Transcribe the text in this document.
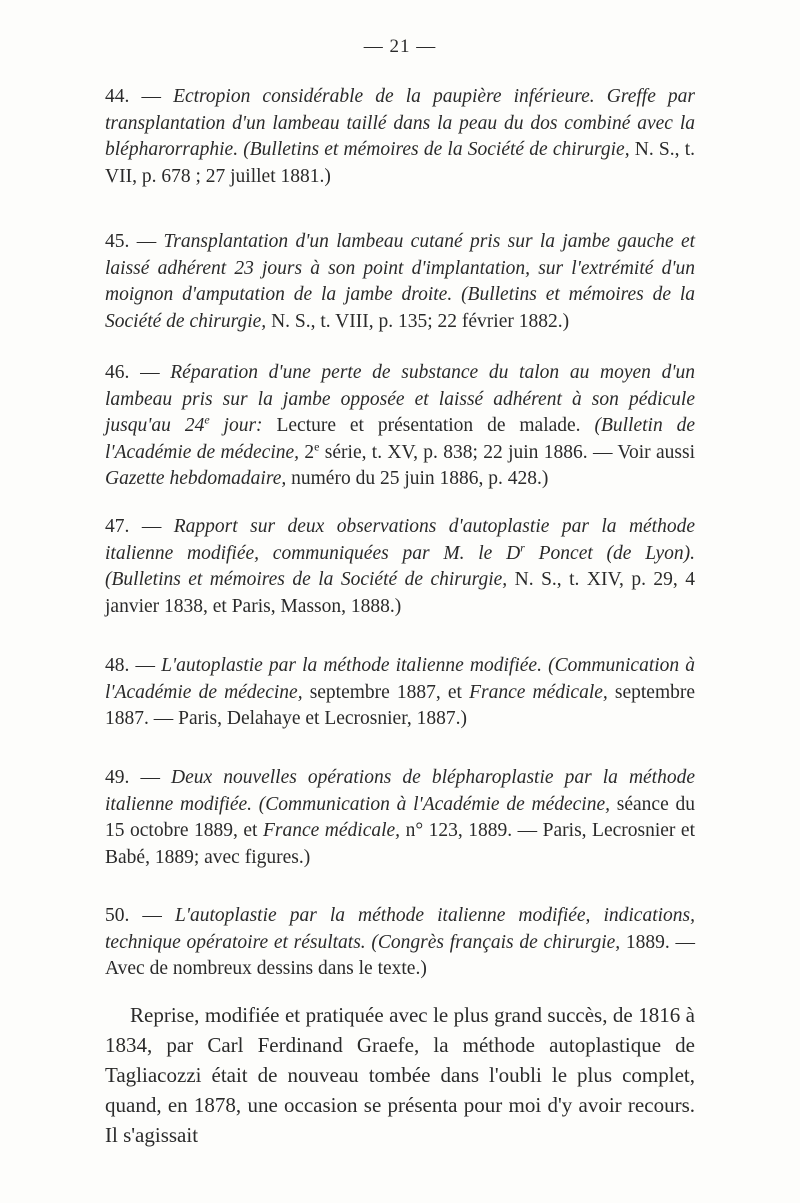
— 21 —
44. — Ectropion considérable de la paupière inférieure. Greffe par transplantation d'un lambeau taillé dans la peau du dos combiné avec la blépharorraphie. (Bulletins et mémoires de la Société de chirurgie, N. S., t. VII, p. 678 ; 27 juillet 1881.)
45. — Transplantation d'un lambeau cutané pris sur la jambe gauche et laissé adhérent 23 jours à son point d'implantation, sur l'extrémité d'un moignon d'amputation de la jambe droite. (Bulletins et mémoires de la Société de chirurgie, N. S., t. VIII, p. 135; 22 février 1882.)
46. — Réparation d'une perte de substance du talon au moyen d'un lambeau pris sur la jambe opposée et laissé adhérent à son pédicule jusqu'au 24e jour: Lecture et présentation de malade. (Bulletin de l'Académie de médecine, 2e série, t. XV, p. 838; 22 juin 1886. — Voir aussi Gazette hebdomadaire, numéro du 25 juin 1886, p. 428.)
47. — Rapport sur deux observations d'autoplastie par la méthode italienne modifiée, communiquées par M. le $D^r$ Poncet (de Lyon). (Bulletins et mémoires de la Société de chirurgie, N. S., t. XIV, p. 29, 4 janvier 1838, et Paris, Masson, 1888.)
48. — L'autoplastie par la méthode italienne modifiée. (Communication à l'Académie de médecine, septembre 1887, et France médicale, septembre 1887. — Paris, Delahaye et Lecrosnier, 1887.)
49. — Deux nouvelles opérations de blépharoplastie par la méthode italienne modifiée. (Communication à l'Académie de médecine, séance du 15 octobre 1889, et France médicale, n° 123, 1889. — Paris, Lecrosnier et Babé, 1889; avec figures.)
50. — L'autoplastie par la méthode italienne modifiée, indications, technique opératoire et résultats. (Congrès français de chirurgie, 1889. — Avec de nombreux dessins dans le texte.)
Reprise, modifiée et pratiquée avec le plus grand succès, de 1816 à 1834, par Carl Ferdinand Graefe, la méthode autoplastique de Tagliacozzi était de nouveau tombée dans l'oubli le plus complet, quand, en 1878, une occasion se présenta pour moi d'y avoir recours. Il s'agissait
